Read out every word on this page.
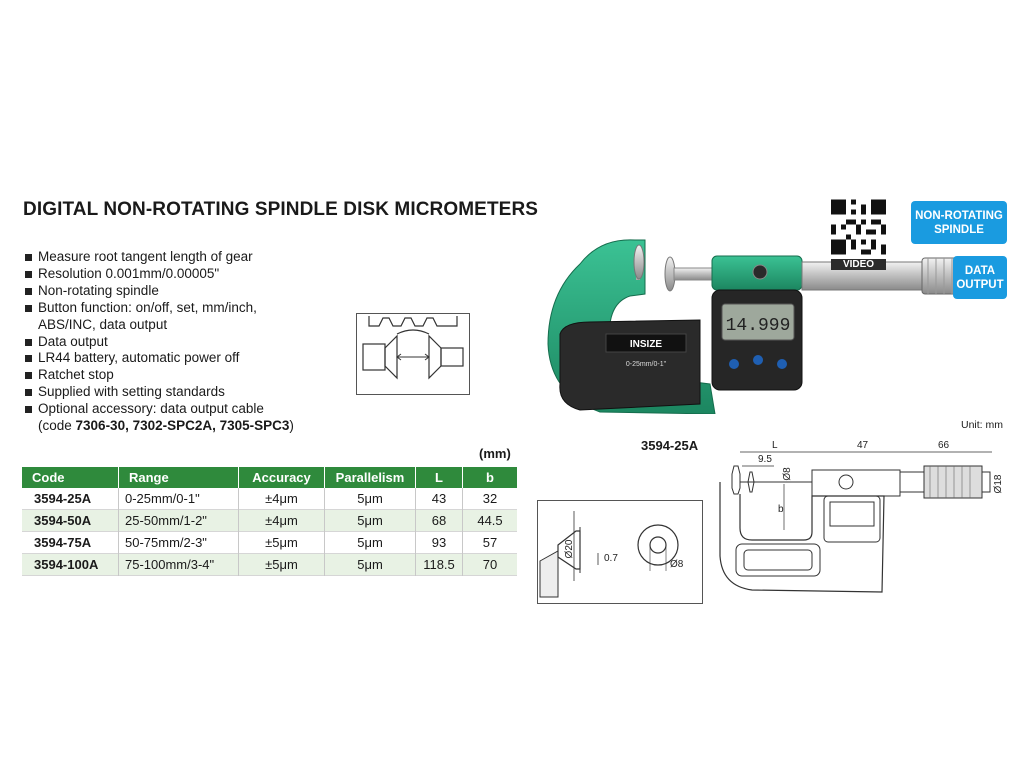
DIGITAL NON-ROTATING SPINDLE DISK MICROMETERS
Measure root tangent length of gear
Resolution 0.001mm/0.00005"
Non-rotating spindle
Button function: on/off, set, mm/inch,
ABS/INC, data output
Data output
LR44 battery, automatic power off
Ratchet stop
Supplied with setting standards
Optional accessory: data output cable
(code 7306-30, 7302-SPC2A, 7305-SPC3)
INSIZE
0-25mm/0-1"
14.999
VIDEO
NON-ROTATING
SPINDLE
DATA
OUTPUT
Unit: mm
3594-25A
(mm)
Code	Range	Accuracy	Parallelism	L	b
3594-25A	0-25mm/0-1"	±4μm	5μm	43	32
3594-50A	25-50mm/1-2"	±4μm	5μm	68	44.5
3594-75A	50-75mm/2-3"	±5μm	5μm	93	57
3594-100A	75-100mm/3-4"	±5μm	5μm	118.5	70
Ø20
0.7
Ø8
L	47	66
9.5
Ø8
Ø18
b
